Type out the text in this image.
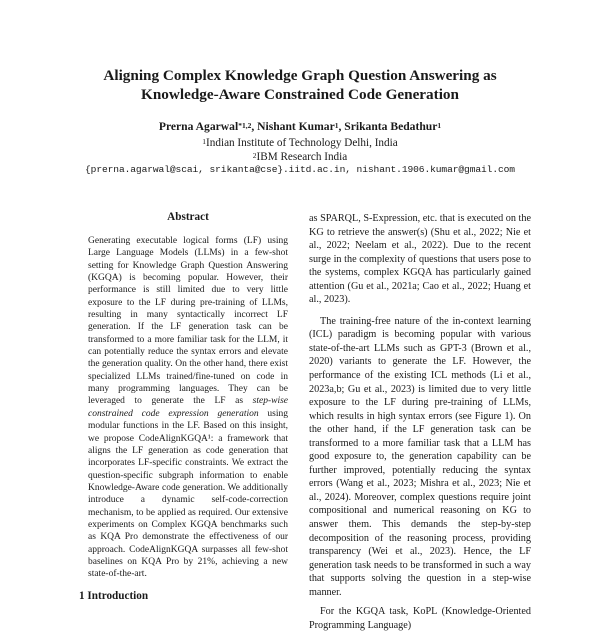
Aligning Complex Knowledge Graph Question Answering as
Knowledge-Aware Constrained Code Generation
Prerna Agarwal$^{*1,2}$, Nishant Kumar$^1$, Srikanta Bedathur$^1$
$^1$Indian Institute of Technology Delhi, India
$^2$IBM Research India
{prerna.agarwal@scai, srikanta@cse}.iitd.ac.in, nishant.1906.kumar@gmail.com
Abstract

Generating executable logical forms (LF) using Large Language Models (LLMs) in a few-shot setting for Knowledge Graph Question Answering (KGQA) is becoming popular. However, their performance is still limited due to very little exposure to the LF during pre-training of LLMs, resulting in many syntactically incorrect LF generation. If the LF generation task can be transformed to a more familiar task for the LLM, it can potentially reduce the syntax errors and elevate the generation quality. On the other hand, there exist specialized LLMs trained/fine-tuned on code in many programming languages. They can be leveraged to generate the LF as step-wise constrained code expression generation using modular functions in the LF. Based on this insight, we propose CodeAlignKGQA¹: a framework that aligns the LF generation as code generation that incorporates LF-specific constraints. We extract the question-specific subgraph information to enable Knowledge-Aware code generation. We additionally introduce a dynamic self-code-correction mechanism, to be applied as required. Our extensive experiments on Complex KGQA benchmarks such as KQA Pro demonstrate the effectiveness of our approach. CodeAlignKGQA surpasses all few-shot baselines on KQA Pro by 21%, achieving a new state-of-the-art.

as SPARQL, S-Expression, etc. that is executed on the KG to retrieve the answer(s) (Shu et al., 2022; Nie et al., 2022; Neelam et al., 2022). Due to the recent surge in the complexity of questions that users pose to the systems, complex KGQA has particularly gained attention (Gu et al., 2021a; Cao et al., 2022; Huang et al., 2023).

The training-free nature of the in-context learning (ICL) paradigm is becoming popular with various state-of-the-art LLMs such as GPT-3 (Brown et al., 2020) variants to generate the LF. However, the performance of the existing ICL methods (Li et al., 2023a,b; Gu et al., 2023) is limited due to very little exposure to the LF during pre-training of LLMs, which results in high syntax errors (see Figure 1). On the other hand, if the LF generation task can be transformed to a more familiar task that a LLM has good exposure to, the generation capability can be further improved, potentially reducing the syntax errors (Wang et al., 2023; Mishra et al., 2023; Nie et al., 2024). Moreover, complex questions require joint compositional and numerical reasoning on KG to answer them. This demands the step-by-step decomposition of the reasoning process, providing transparency (Wei et al., 2023). Hence, the LF generation task needs to be transformed in such a way that supports solving the question in a step-wise manner.

For the KGQA task, KoPL (Knowledge-Oriented Programming Language)

1 Introduction
